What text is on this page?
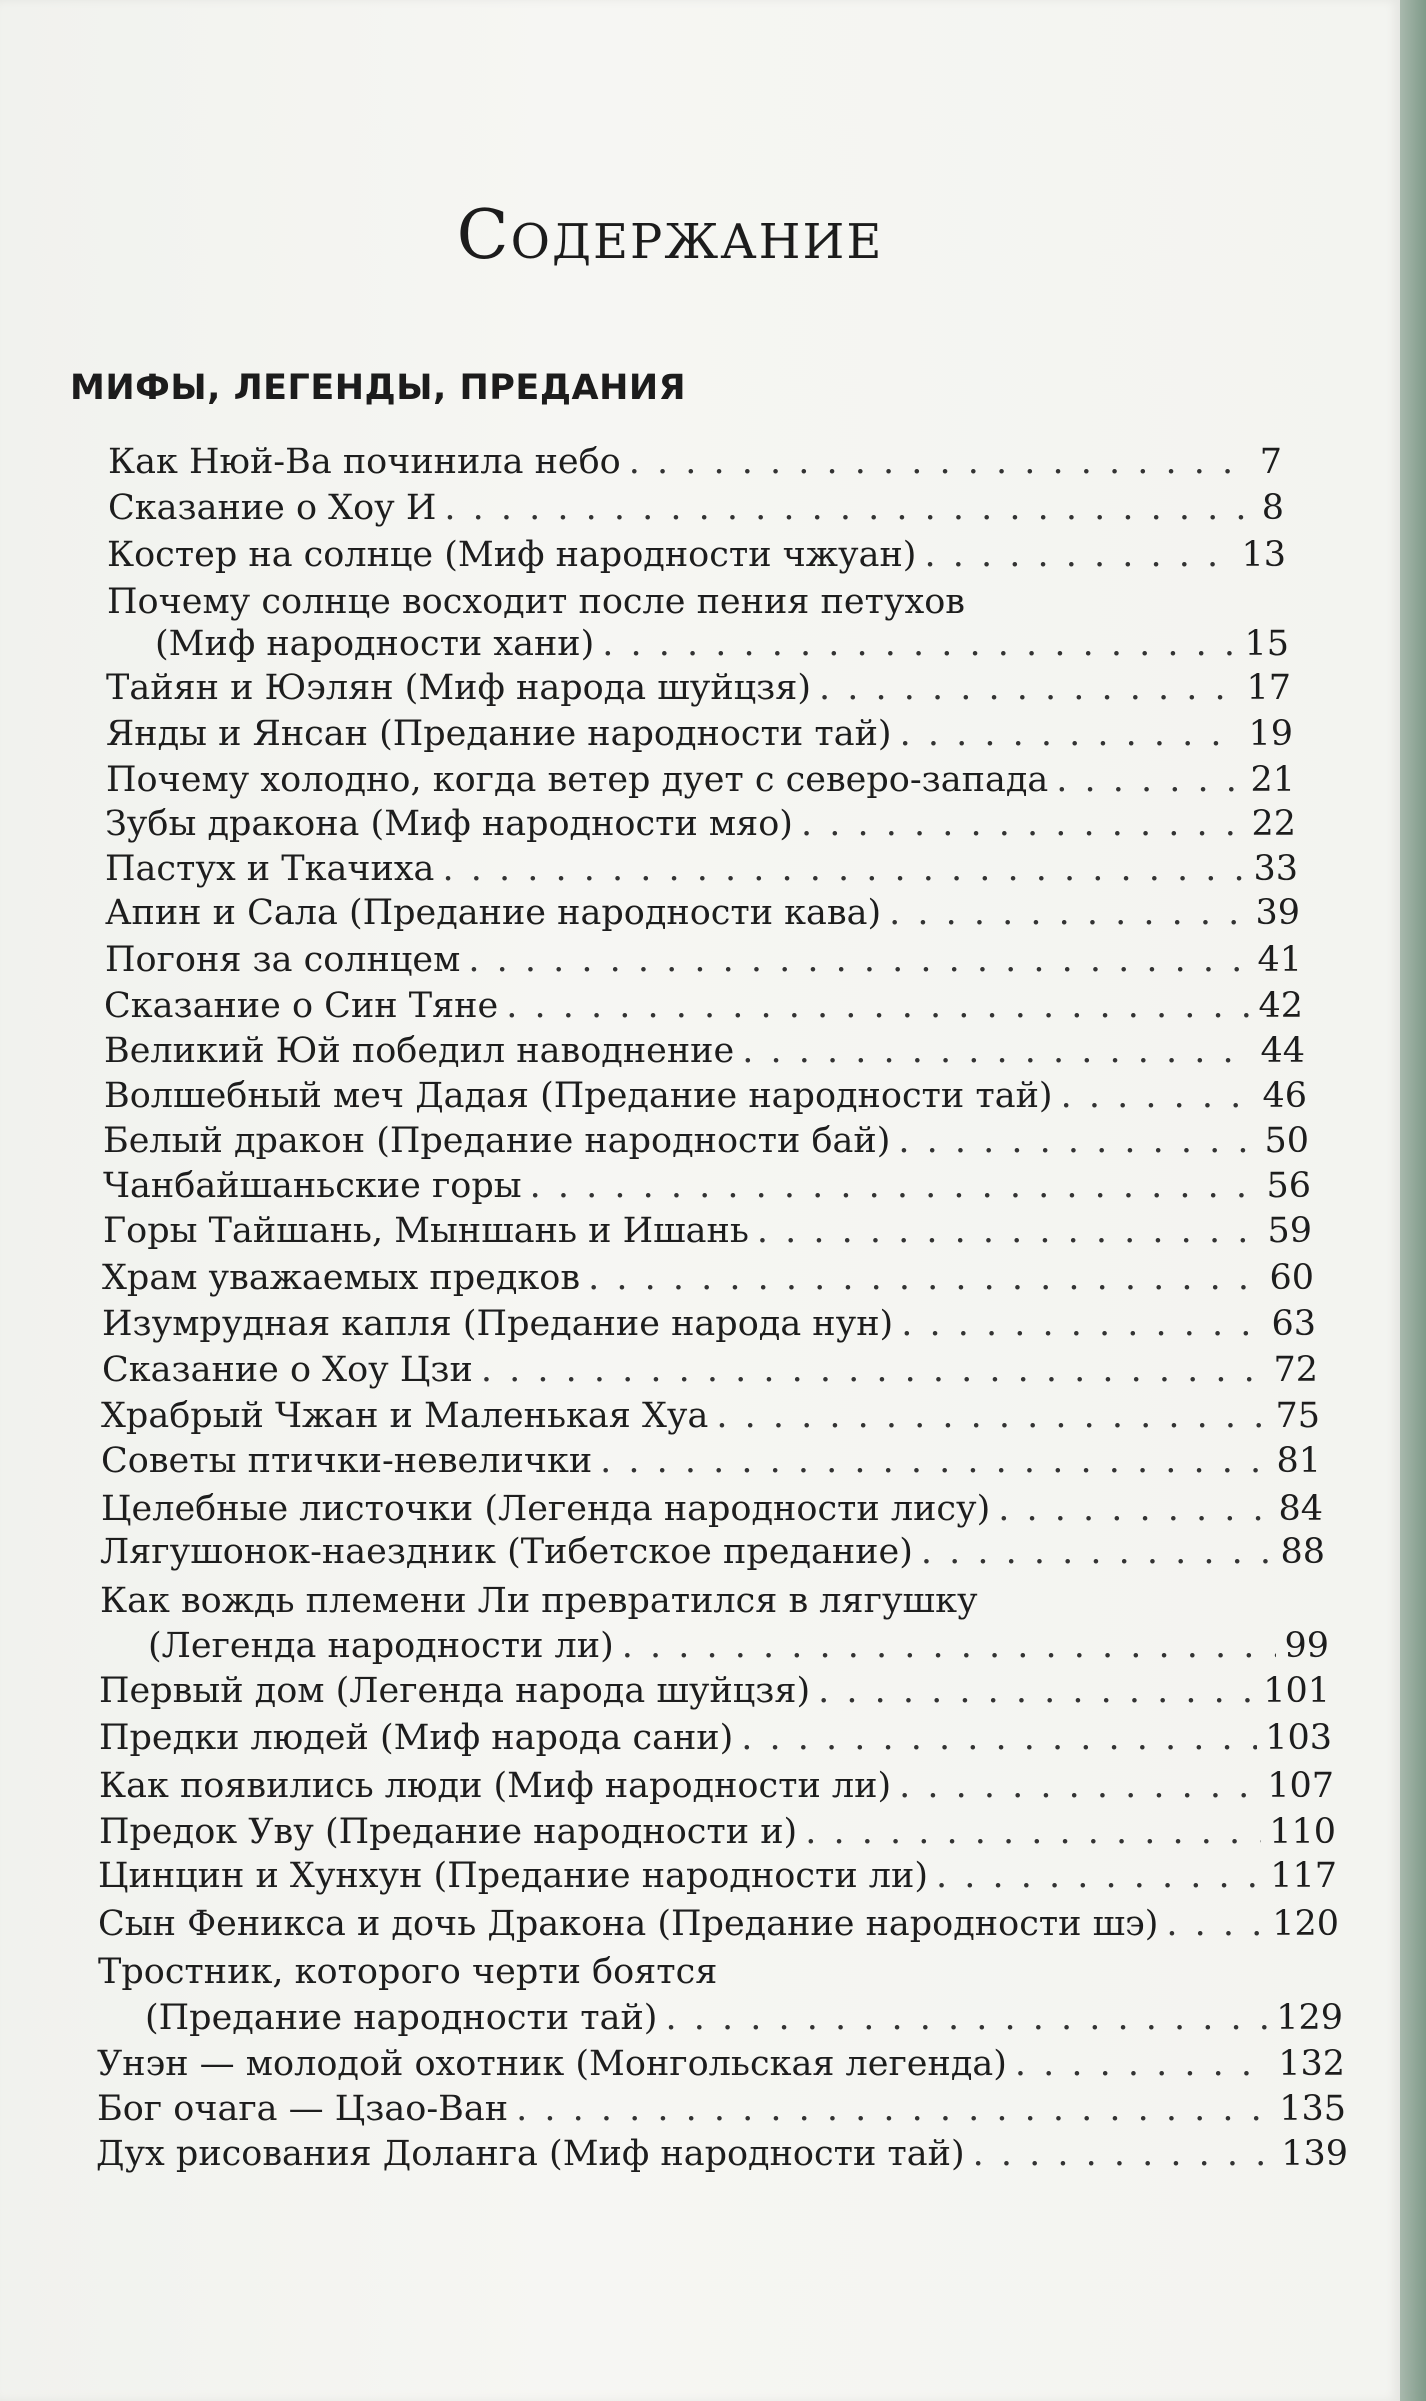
Содержание
МИФЫ, ЛЕГЕНДЫ, ПРЕДАНИЯ
Как Нюй-Ва починила небо . . .	7
Сказание о Хоу И . . .	8
Костер на солнце (Миф народности чжуан) . . .	13
Почему солнце восходит после пения петухов
(Миф народности хани) . . .	15
Тайян и Юэлян (Миф народа шуйцзя) . . .	17
Янды и Янсан (Предание народности тай) . . .	19
Почему холодно, когда ветер дует с северо-запада . . .	21
Зубы дракона (Миф народности мяо) . . .	22
Пастух и Ткачиха . . .	33
Апин и Сала (Предание народности кава) . . .	39
Погоня за солнцем . . .	41
Сказание о Син Тяне . . .	42
Великий Юй победил наводнение . . .	44
Волшебный меч Дадая (Предание народности тай) . . .	46
Белый дракон (Предание народности бай) . . .	50
Чанбайшаньские горы . . .	56
Горы Тайшань, Мыншань и Ишань . . .	59
Храм уважаемых предков . . .	60
Изумрудная капля (Предание народа нун) . . .	63
Сказание о Хоу Цзи . . .	72
Храбрый Чжан и Маленькая Хуа . . .	75
Советы птички-невелички . . .	81
Целебные листочки (Легенда народности лису) . . .	84
Лягушонок-наездник (Тибетское предание) . . .	88
Как вождь племени Ли превратился в лягушку
(Легенда народности ли) . . .	99
Первый дом (Легенда народа шуйцзя) . . .	101
Предки людей (Миф народа сани) . . .	103
Как появились люди (Миф народности ли) . . .	107
Предок Уву (Предание народности и) . . .	110
Цинцин и Хунхун (Предание народности ли) . . .	117
Сын Феникса и дочь Дракона (Предание народности шэ) . . .	120
Тростник, которого черти боятся
(Предание народности тай) . . .	129
Унэн — молодой охотник (Монгольская легенда) . . .	132
Бог очага — Цзао-Ван . . .	135
Дух рисования Доланга (Миф народности тай) . . .	139
